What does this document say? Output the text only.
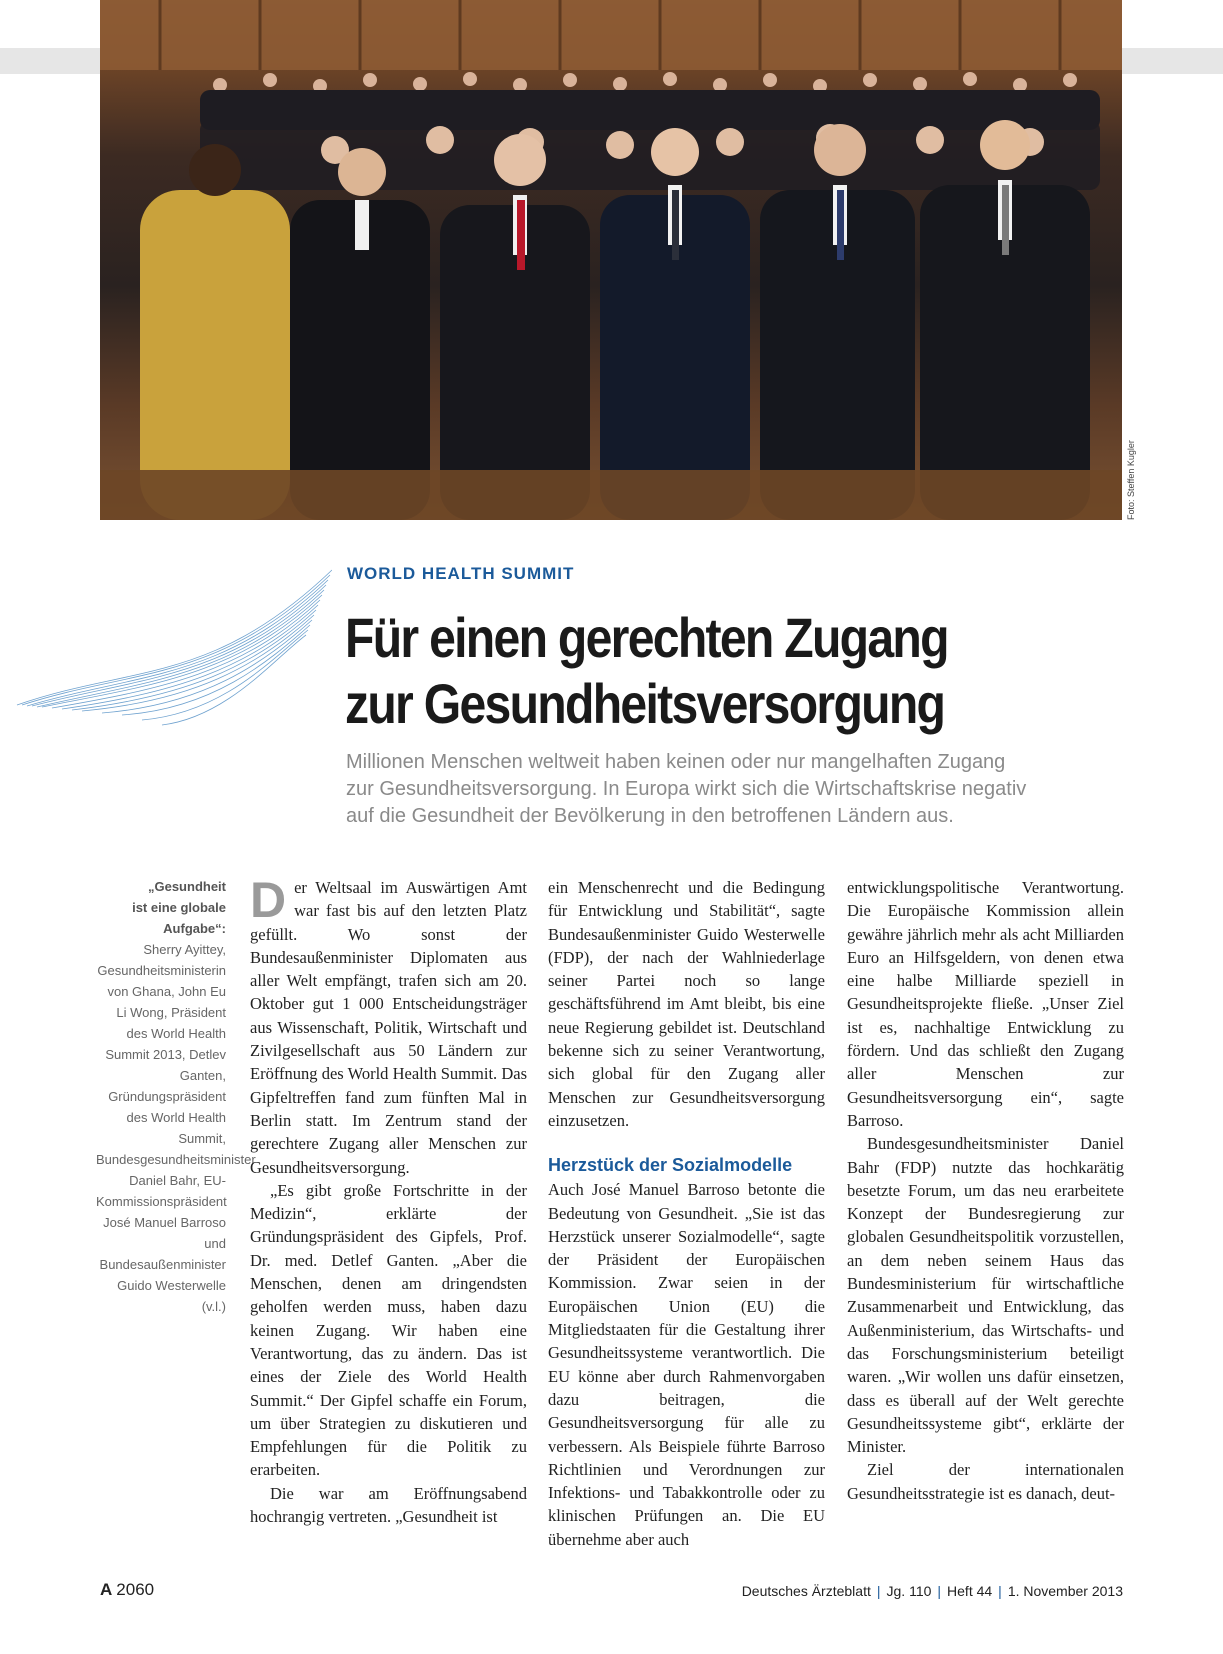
Foto: Steffen Kugler
WORLD HEALTH SUMMIT
Für einen gerechten Zugang
zur Gesundheitsversorgung
Millionen Menschen weltweit haben keinen oder nur mangelhaften Zugang
zur Gesundheitsversorgung. In Europa wirkt sich die Wirtschaftskrise negativ
auf die Gesundheit der Bevölkerung in den betroffenen Ländern aus.
„Gesundheit
ist eine globale
Aufgabe“:
Sherry Ayittey, Gesundheitsministerin von Ghana, John Eu Li Wong, Präsident des World Health Summit 2013, Detlev Ganten, Gründungspräsident des World Health Summit, Bundesgesundheitsminister Daniel Bahr, EU-Kommissionspräsident José Manuel Barroso und Bundesaußenminister Guido Westerwelle (v.l.)
D er Weltsaal im Auswärtigen Amt war fast bis auf den letzten Platz gefüllt. Wo sonst der Bundesaußenminister Diplomaten aus aller Welt empfängt, trafen sich am 20. Oktober gut 1 000 Entscheidungsträger aus Wissenschaft, Politik, Wirtschaft und Zivilgesellschaft aus 50 Ländern zur Eröffnung des World Health Summit. Das Gipfeltreffen fand zum fünften Mal in Berlin statt. Im Zentrum stand der gerechtere Zugang aller Menschen zur Gesundheitsversorgung.

„Es gibt große Fortschritte in der Medizin“, erklärte der Gründungspräsident des Gipfels, Prof. Dr. med. Detlef Ganten. „Aber die Menschen, denen am dringendsten geholfen werden muss, haben dazu keinen Zugang. Wir haben eine Verantwortung, das zu ändern. Das ist eines der Ziele des World Health Summit.“ Der Gipfel schaffe ein Forum, um über Strategien zu diskutieren und Empfehlungen für die Politik zu erarbeiten.

Die war am Eröffnungsabend hochrangig vertreten. „Gesundheit ist

ein Menschenrecht und die Bedingung für Entwicklung und Stabilität“, sagte Bundesaußenminister Guido Westerwelle (FDP), der nach der Wahlniederlage seiner Partei noch so lange geschäftsführend im Amt bleibt, bis eine neue Regierung gebildet ist. Deutschland bekenne sich zu seiner Verantwortung, sich global für den Zugang aller Menschen zur Gesundheitsversorgung einzusetzen.

Herzstück der Sozialmodelle

Auch José Manuel Barroso betonte die Bedeutung von Gesundheit. „Sie ist das Herzstück unserer Sozialmodelle“, sagte der Präsident der Europäischen Kommission. Zwar seien in der Europäischen Union (EU) die Mitgliedstaaten für die Gestaltung ihrer Gesundheitssysteme verantwortlich. Die EU könne aber durch Rahmenvorgaben dazu beitragen, die Gesundheitsversorgung für alle zu verbessern. Als Beispiele führte Barroso Richtlinien und Verordnungen zur Infektions- und Tabakkontrolle oder zu klinischen Prüfungen an. Die EU übernehme aber auch

entwicklungspolitische Verantwortung. Die Europäische Kommission allein gewähre jährlich mehr als acht Milliarden Euro an Hilfsgeldern, von denen etwa eine halbe Milliarde speziell in Gesundheitsprojekte fließe. „Unser Ziel ist es, nachhaltige Entwicklung zu fördern. Und das schließt den Zugang aller Menschen zur Gesundheitsversorgung ein“, sagte Barroso.

Bundesgesundheitsminister Daniel Bahr (FDP) nutzte das hochkarätig besetzte Forum, um das neu erarbeitete Konzept der Bundesregierung zur globalen Gesundheitspolitik vorzustellen, an dem neben seinem Haus das Bundesministerium für wirtschaftliche Zusammenarbeit und Entwicklung, das Außenministerium, das Wirtschafts- und das Forschungsministerium beteiligt waren. „Wir wollen uns dafür einsetzen, dass es überall auf der Welt gerechte Gesundheitssysteme gibt“, erklärte der Minister.

Ziel der internationalen Gesundheitsstrategie ist es danach, deut-

A 2060	Deutsches Ärzteblatt | Jg. 110 | Heft 44 | 1. November 2013
